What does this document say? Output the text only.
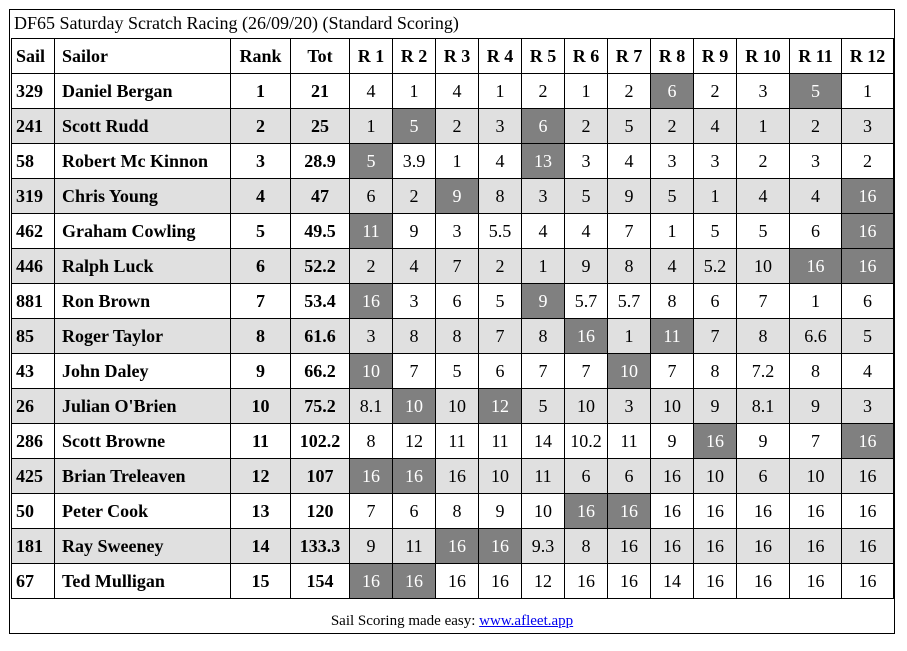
DF65 Saturday Scratch Racing (26/09/20) (Standard Scoring)
Sail	Sailor	Rank	Tot	R 1	R 2	R 3	R 4	R 5	R 6	R 7	R 8	R 9	R 10	R 11	R 12
329	Daniel Bergan	1	21	4	1	4	1	2	1	2	6	2	3	5	1
241	Scott Rudd	2	25	1	5	2	3	6	2	5	2	4	1	2	3
58	Robert Mc Kinnon	3	28.9	5	3.9	1	4	13	3	4	3	3	2	3	2
319	Chris Young	4	47	6	2	9	8	3	5	9	5	1	4	4	16
462	Graham Cowling	5	49.5	11	9	3	5.5	4	4	7	1	5	5	6	16
446	Ralph Luck	6	52.2	2	4	7	2	1	9	8	4	5.2	10	16	16
881	Ron Brown	7	53.4	16	3	6	5	9	5.7	5.7	8	6	7	1	6
85	Roger Taylor	8	61.6	3	8	8	7	8	16	1	11	7	8	6.6	5
43	John Daley	9	66.2	10	7	5	6	7	7	10	7	8	7.2	8	4
26	Julian O'Brien	10	75.2	8.1	10	10	12	5	10	3	10	9	8.1	9	3
286	Scott Browne	11	102.2	8	12	11	11	14	10.2	11	9	16	9	7	16
425	Brian Treleaven	12	107	16	16	16	10	11	6	6	16	10	6	10	16
50	Peter Cook	13	120	7	6	8	9	10	16	16	16	16	16	16	16
181	Ray Sweeney	14	133.3	9	11	16	16	9.3	8	16	16	16	16	16	16
67	Ted Mulligan	15	154	16	16	16	16	12	16	16	14	16	16	16	16
Sail Scoring made easy: www.afleet.app
